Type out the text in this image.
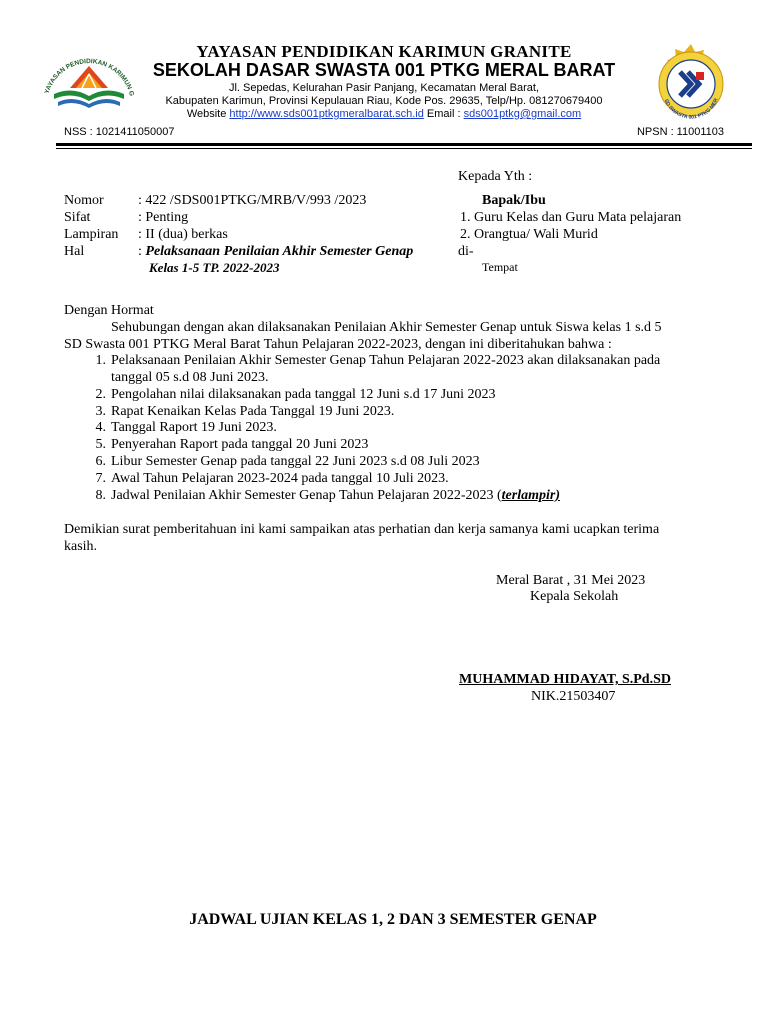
YAYASAN PENDIDIKAN KARIMUN G
SD SWASTA 001 PTKG MER
YAYASAN PENDIDIKAN KARIMUN GRANITE
SEKOLAH DASAR SWASTA 001 PTKG MERAL BARAT
Jl. Sepedas, Kelurahan Pasir Panjang, Kecamatan Meral Barat,
Kabupaten Karimun, Provinsi Kepulauan Riau, Kode Pos. 29635, Telp/Hp. 081270679400
Website http://www.sds001ptkgmeralbarat.sch.id Email : sds001ptkg@gmail.com
NSS : 1021411050007	NPSN : 11001103
Kepada Yth :
Bapak/Ibu
1. Guru Kelas dan Guru Mata pelajaran
2. Orangtua/ Wali Murid
di-
Tempat
Nomor : 422 /SDS001PTKG/MRB/V/993 /2023
Sifat	: Penting
Lampiran : II (dua) berkas
Hal	: Pelaksanaan Penilaian Akhir Semester Genap
Kelas 1-5 TP. 2022-2023
Dengan Hormat
Sehubungan dengan akan dilaksanakan Penilaian Akhir Semester Genap untuk Siswa kelas 1 s.d 5
SD Swasta 001 PTKG Meral Barat Tahun Pelajaran 2022-2023, dengan ini diberitahukan bahwa :
1. Pelaksanaan Penilaian Akhir Semester Genap Tahun Pelajaran 2022-2023 akan dilaksanakan pada
tanggal 05 s.d 08 Juni 2023.
2. Pengolahan nilai dilaksanakan pada tanggal 12 Juni s.d 17 Juni 2023
3. Rapat Kenaikan Kelas Pada Tanggal 19 Juni 2023.
4. Tanggal Raport 19 Juni 2023.
5. Penyerahan Raport pada tanggal 20 Juni 2023
6. Libur Semester Genap pada tanggal 22 Juni 2023 s.d 08 Juli 2023
7. Awal Tahun Pelajaran 2023-2024 pada tanggal 10 Juli 2023.
8. Jadwal Penilaian Akhir Semester Genap Tahun Pelajaran 2022-2023 (terlampir)
Demikian surat pemberitahuan ini kami sampaikan atas perhatian dan kerja samanya kami ucapkan terima
kasih.
Meral Barat , 31 Mei 2023
Kepala Sekolah
MUHAMMAD HIDAYAT, S.Pd.SD
NIK.21503407
JADWAL UJIAN KELAS 1, 2 DAN 3 SEMESTER GENAP
